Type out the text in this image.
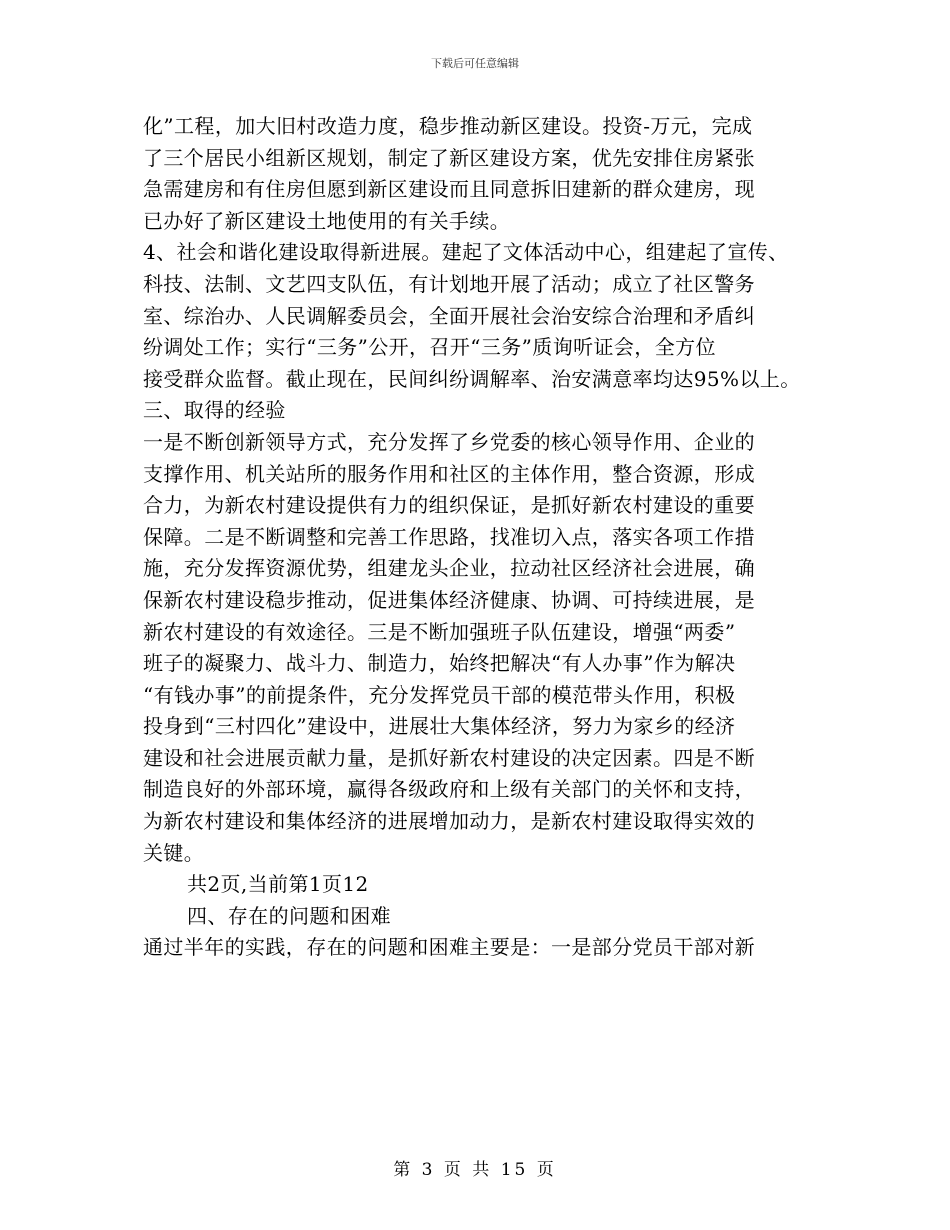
下载后可任意编辑
化”工程，加大旧村改造力度，稳步推动新区建设。投资-万元，完成
了三个居民小组新区规划，制定了新区建设方案，优先安排住房紧张
急需建房和有住房但愿到新区建设而且同意拆旧建新的群众建房，现
已办好了新区建设土地使用的有关手续。
4、社会和谐化建设取得新进展。建起了文体活动中心，组建起了宣传、
科技、法制、文艺四支队伍，有计划地开展了活动；成立了社区警务
室、综治办、人民调解委员会，全面开展社会治安综合治理和矛盾纠
纷调处工作；实行“三务”公开，召开“三务”质询听证会，全方位
接受群众监督。截止现在，民间纠纷调解率、治安满意率均达95%以上。
三、取得的经验
一是不断创新领导方式，充分发挥了乡党委的核心领导作用、企业的
支撑作用、机关站所的服务作用和社区的主体作用，整合资源，形成
合力，为新农村建设提供有力的组织保证，是抓好新农村建设的重要
保障。二是不断调整和完善工作思路，找准切入点，落实各项工作措
施，充分发挥资源优势，组建龙头企业，拉动社区经济社会进展，确
保新农村建设稳步推动，促进集体经济健康、协调、可持续进展，是
新农村建设的有效途径。三是不断加强班子队伍建设，增强“两委”
班子的凝聚力、战斗力、制造力，始终把解决“有人办事”作为解决
“有钱办事”的前提条件，充分发挥党员干部的模范带头作用，积极
投身到“三村四化”建设中，进展壮大集体经济，努力为家乡的经济
建设和社会进展贡献力量，是抓好新农村建设的决定因素。四是不断
制造良好的外部环境，赢得各级政府和上级有关部门的关怀和支持，
为新农村建设和集体经济的进展增加动力，是新农村建设取得实效的
关键。
共2页,当前第1页12
四、存在的问题和困难
通过半年的实践，存在的问题和困难主要是：一是部分党员干部对新
第 3 页 共 15 页
